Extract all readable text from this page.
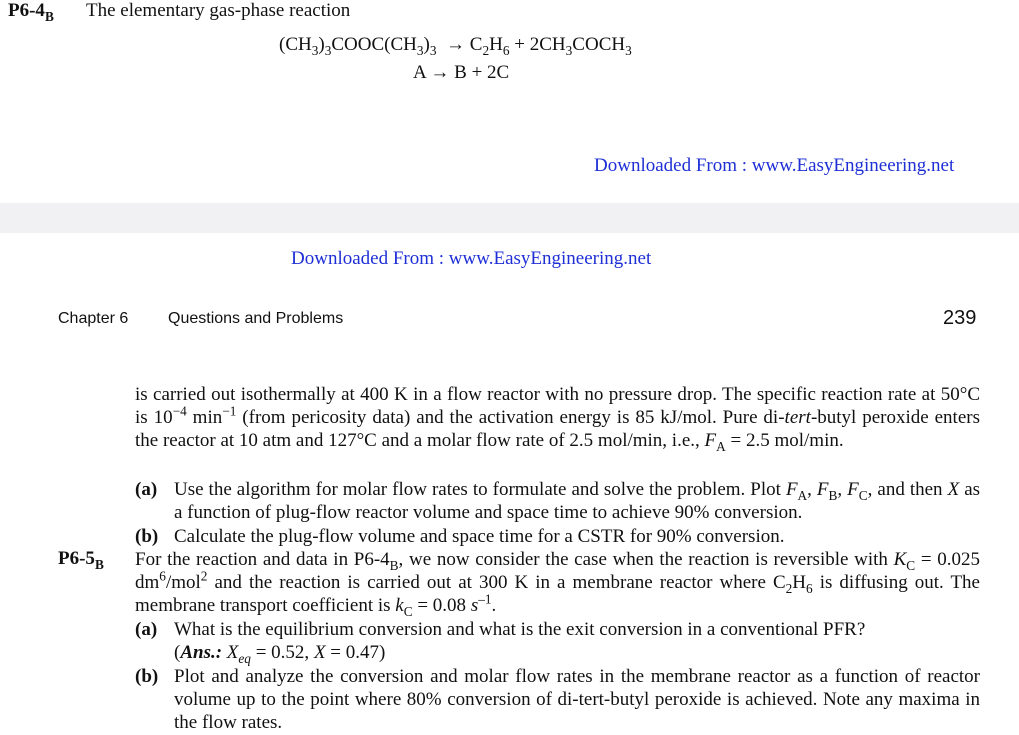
$P6-4_B$ The elementary gas-phase reaction
$(CH_3)_3COOC(CH_3)_3 \to C_2H_6$ + $2CH_3COCH_3$
A → B + 2C
Downloaded From : www.EasyEngineering.net
Downloaded From : www.EasyEngineering.net
Chapter 6 Questions and Problems	239
is carried out isothermally at 400 K in a flow reactor with no pressure drop. The specific reaction rate at 50°C is $10^{-4}$ $\min^{-1}$ (from pericosity data) and the activation energy is 85 kJ/mol. Pure di-tert-butyl peroxide enters the reactor at 10 atm and 127°C and a molar flow rate of 2.5 mol/min, i.e., $F_A = 2.5$ mol/min.
(a) Use the algorithm for molar flow rates to formulate and solve the problem. Plot $F_A$, $F_B$, $F_C$, and then X as a function of plug-flow reactor volume and space time to achieve 90% conversion.
(b) Calculate the plug-flow volume and space time for a CSTR for 90% conversion.
$P6-5_B$ For the reaction and data in $P6-4_B$, we now consider the case when the reaction is reversible with $K_C = 0.025$ $dm^6/mol^2$ and the reaction is carried out at 300 K in a membrane reactor where $C_2H_6$ is diffusing out. The membrane transport coefficient is $k_C = 0.08$ $s^{-1}$.
(a) What is the equilibrium conversion and what is the exit conversion in a conventional PFR?
(Ans.: $X_{eq} = 0.52$, X = 0.47)
(b) Plot and analyze the conversion and molar flow rates in the membrane reactor as a function of reactor volume up to the point where 80% conversion of di-tert-butyl peroxide is achieved. Note any maxima in the flow rates.
